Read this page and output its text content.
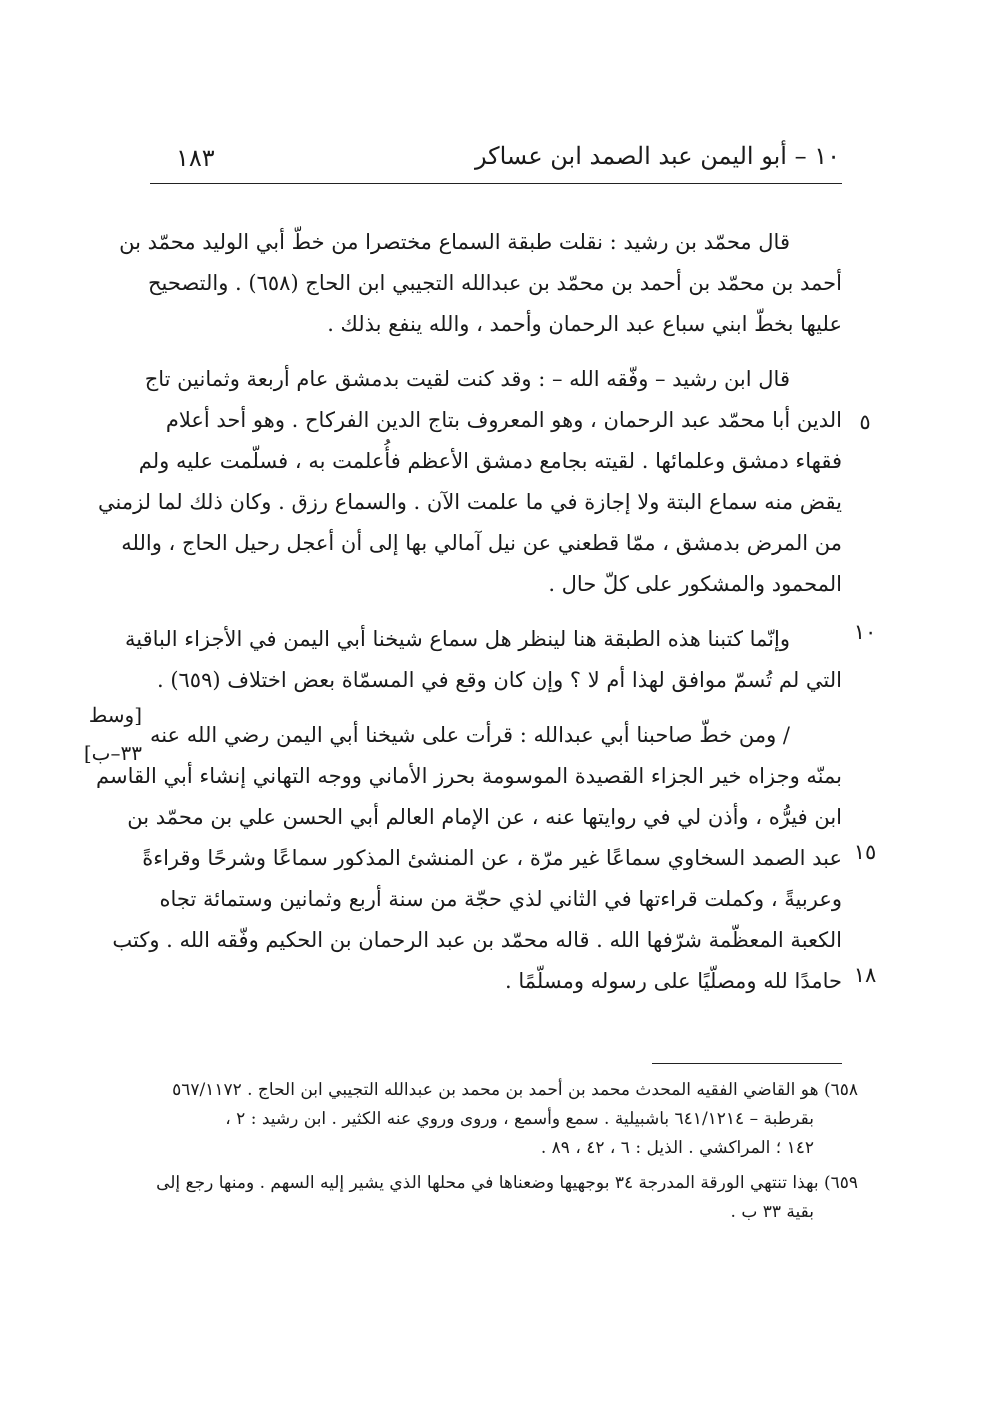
١٠ – أبو اليمن عبد الصمد ابن عساكر
١٨٣
قال محمّد بن رشيد : نقلت طبقة السماع مختصرا من خطّ أبي الوليد محمّد بن
أحمد بن محمّد بن أحمد بن محمّد بن عبدالله التجيبي ابن الحاج (٦٥٨) . والتصحيح
عليها بخطّ ابني سباع عبد الرحمان وأحمد ، والله ينفع بذلك .
قال ابن رشيد – وفّقه الله – : وقد كنت لقيت بدمشق عام أربعة وثمانين تاج
الدين أبا محمّد عبد الرحمان ، وهو المعروف بتاج الدين الفركاح . وهو أحد أعلام
فقهاء دمشق وعلمائها . لقيته بجامع دمشق الأعظم فأُعلمت به ، فسلّمت عليه ولم
يقض منه سماع البتة ولا إجازة في ما علمت الآن . والسماع رزق . وكان ذلك لما لزمني
من المرض بدمشق ، ممّا قطعني عن نيل آمالي بها إلى أن أعجل رحيل الحاج ، والله
المحمود والمشكور على كلّ حال .
وإنّما كتبنا هذه الطبقة هنا لينظر هل سماع شيخنا أبي اليمن في الأجزاء الباقية
التي لم تُسمّ موافق لهذا أم لا ؟ وإن كان وقع في المسمّاة بعض اختلاف (٦٥٩) .
/ ومن خطّ صاحبنا أبي عبدالله : قرأت على شيخنا أبي اليمن رضي الله عنه
بمنّه وجزاه خير الجزاء القصيدة الموسومة بحرز الأماني ووجه التهاني إنشاء أبي القاسم
ابن فيرُّه ، وأذن لي في روايتها عنه ، عن الإمام العالم أبي الحسن علي بن محمّد بن
عبد الصمد السخاوي سماعًا غير مرّة ، عن المنشئ المذكور سماعًا وشرحًا وقراءةً
وعربيةً ، وكملت قراءتها في الثاني لذي حجّة من سنة أربع وثمانين وستمائة تجاه
الكعبة المعظّمة شرّفها الله . قاله محمّد بن عبد الرحمان بن الحكيم وفّقه الله . وكتب
حامدًا لله ومصلّيًا على رسوله ومسلّمًا .
٥
١٠
١٥
١٨
[وسط
٣٣–ب]
٦٥٨) هو القاضي الفقيه المحدث محمد بن أحمد بن محمد بن عبدالله التجيبي ابن الحاج . ٥٦٧/١١٧٢
بقرطبة – ٦٤١/١٢١٤ باشبيلية . سمع وأسمع ، وروى وروي عنه الكثير . ابن رشيد : ٢ ،
١٤٢ ؛ المراكشي . الذيل : ٦ ، ٤٢ ، ٨٩ .
٦٥٩) بهذا تنتهي الورقة المدرجة ٣٤ بوجهيها وضعناها في محلها الذي يشير إليه السهم . ومنها رجع إلى
بقية ٣٣ ب .
